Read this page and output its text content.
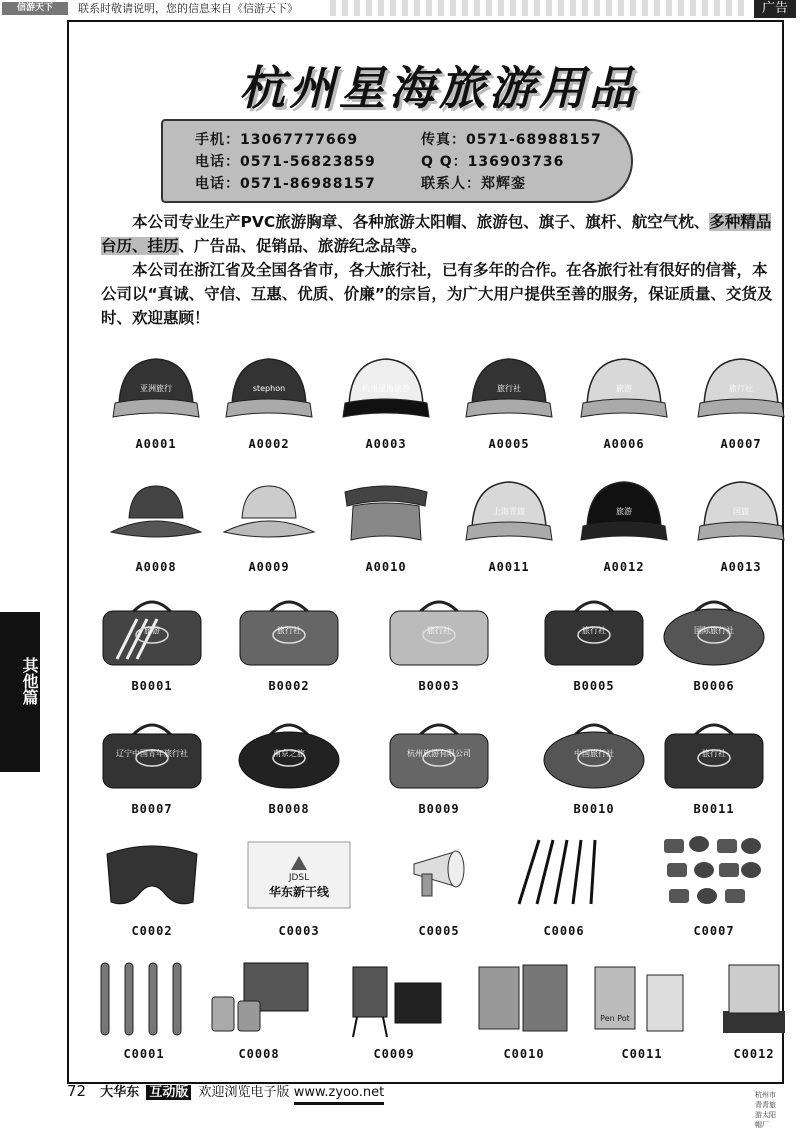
信游天下	联系时敬请说明，您的信息来自《信游天下》	广告
其他篇
杭州星海旅游用品
手机：13067777669
电话：0571-56823859
电话：0571-86988157
传真：0571-68988157
Q Q：136903736
联系人：郑辉銮

本公司专业生产PVC旅游胸章、各种旅游太阳帽、旅游包、旗子、旗杆、航空气枕、多种精品台历、挂历、广告品、促销品、旅游纪念品等。

本公司在浙江省及全国各省市，各大旅行社，已有多年的合作。在各旅行社有很好的信誉，本公司以“真诚、守信、互惠、优质、价廉”的宗旨，为广大用户提供至善的服务，保证质量、交货及时、欢迎惠顾！

亚洲旅行
A0001
stephon
A0002
杭州星海旅游
A0003
旅行社
A0005
旅游
A0006
旅行社
A0007
A0008	A0009	A0010
上海青旅
A0011
旅游
A0012
国旅
A0013
旅游
B0001
旅行社
B0002
旅行社
B0003
旅行社
B0005
国际旅行社
B0006
辽宁中国青年旅行社
B0007
南京之旅
B0008
杭州旅游有限公司
B0009
中国旅行社
B0010
旅行社
B0011
C0002
JDSL
华东新干线
C0003	C0005	C0006	C0007
C0001	C0008	C0009	C0010
Pen Pot
C0011	C0012
杭州市青青旅游太阳帽厂
72 大华东 互动版 欢迎浏览电子版 www.zyoo.net
